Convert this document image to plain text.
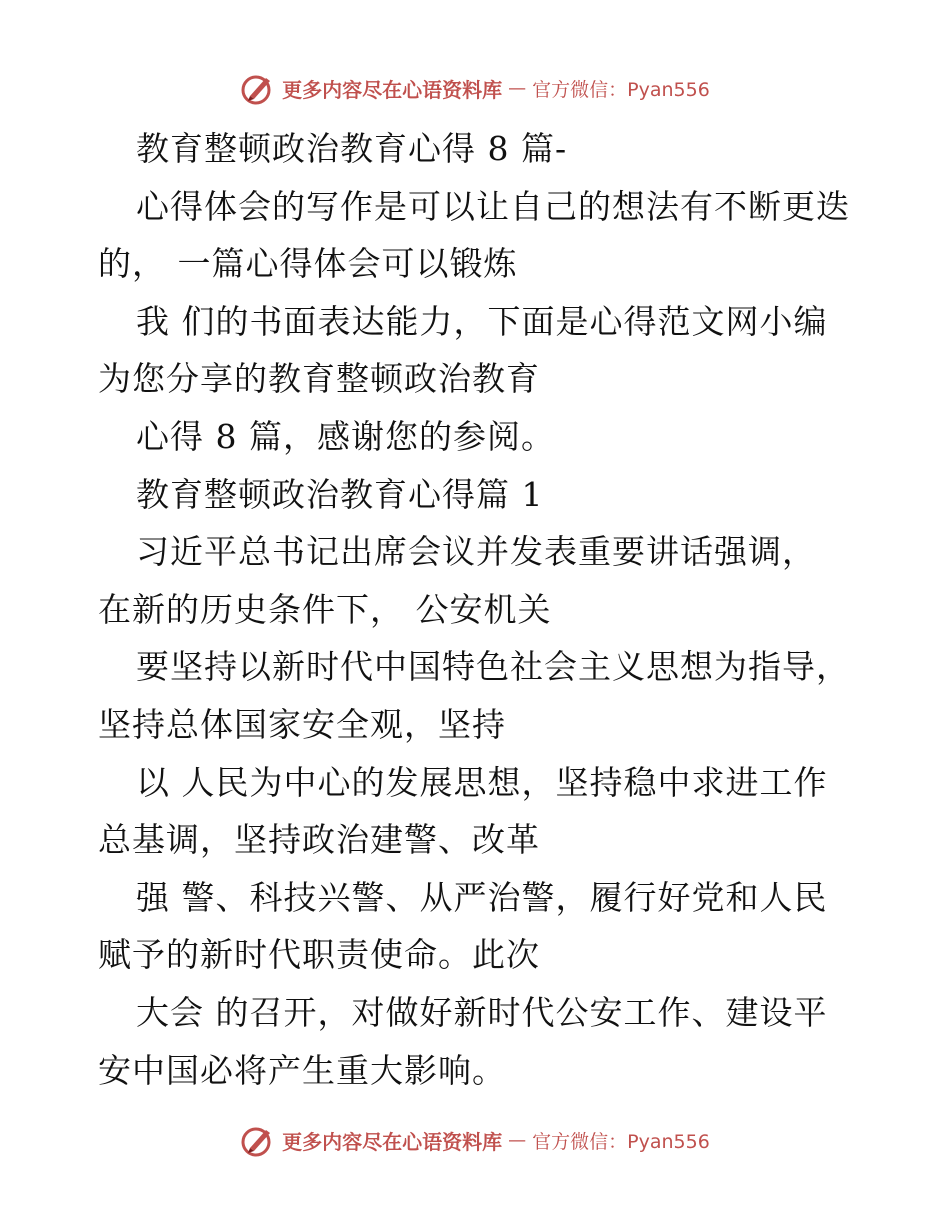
更多内容尽在心语资料库 — 官方微信：Pyan556
教育整顿政治教育心得 8 篇-
心得体会的写作是可以让自己的想法有不断更迭
的， 一篇心得体会可以锻炼
我 们的书面表达能力，下面是心得范文网小编
为您分享的教育整顿政治教育
心得 8 篇，感谢您的参阅。
教育整顿政治教育心得篇 1
习近平总书记出席会议并发表重要讲话强调，
在新的历史条件下， 公安机关
要坚持以新时代中国特色社会主义思想为指导，
坚持总体国家安全观，坚持
以 人民为中心的发展思想，坚持稳中求进工作
总基调，坚持政治建警、改革
强 警、科技兴警、从严治警，履行好党和人民
赋予的新时代职责使命。此次
大会 的召开，对做好新时代公安工作、建设平
安中国必将产生重大影响。
更多内容尽在心语资料库 — 官方微信：Pyan556
